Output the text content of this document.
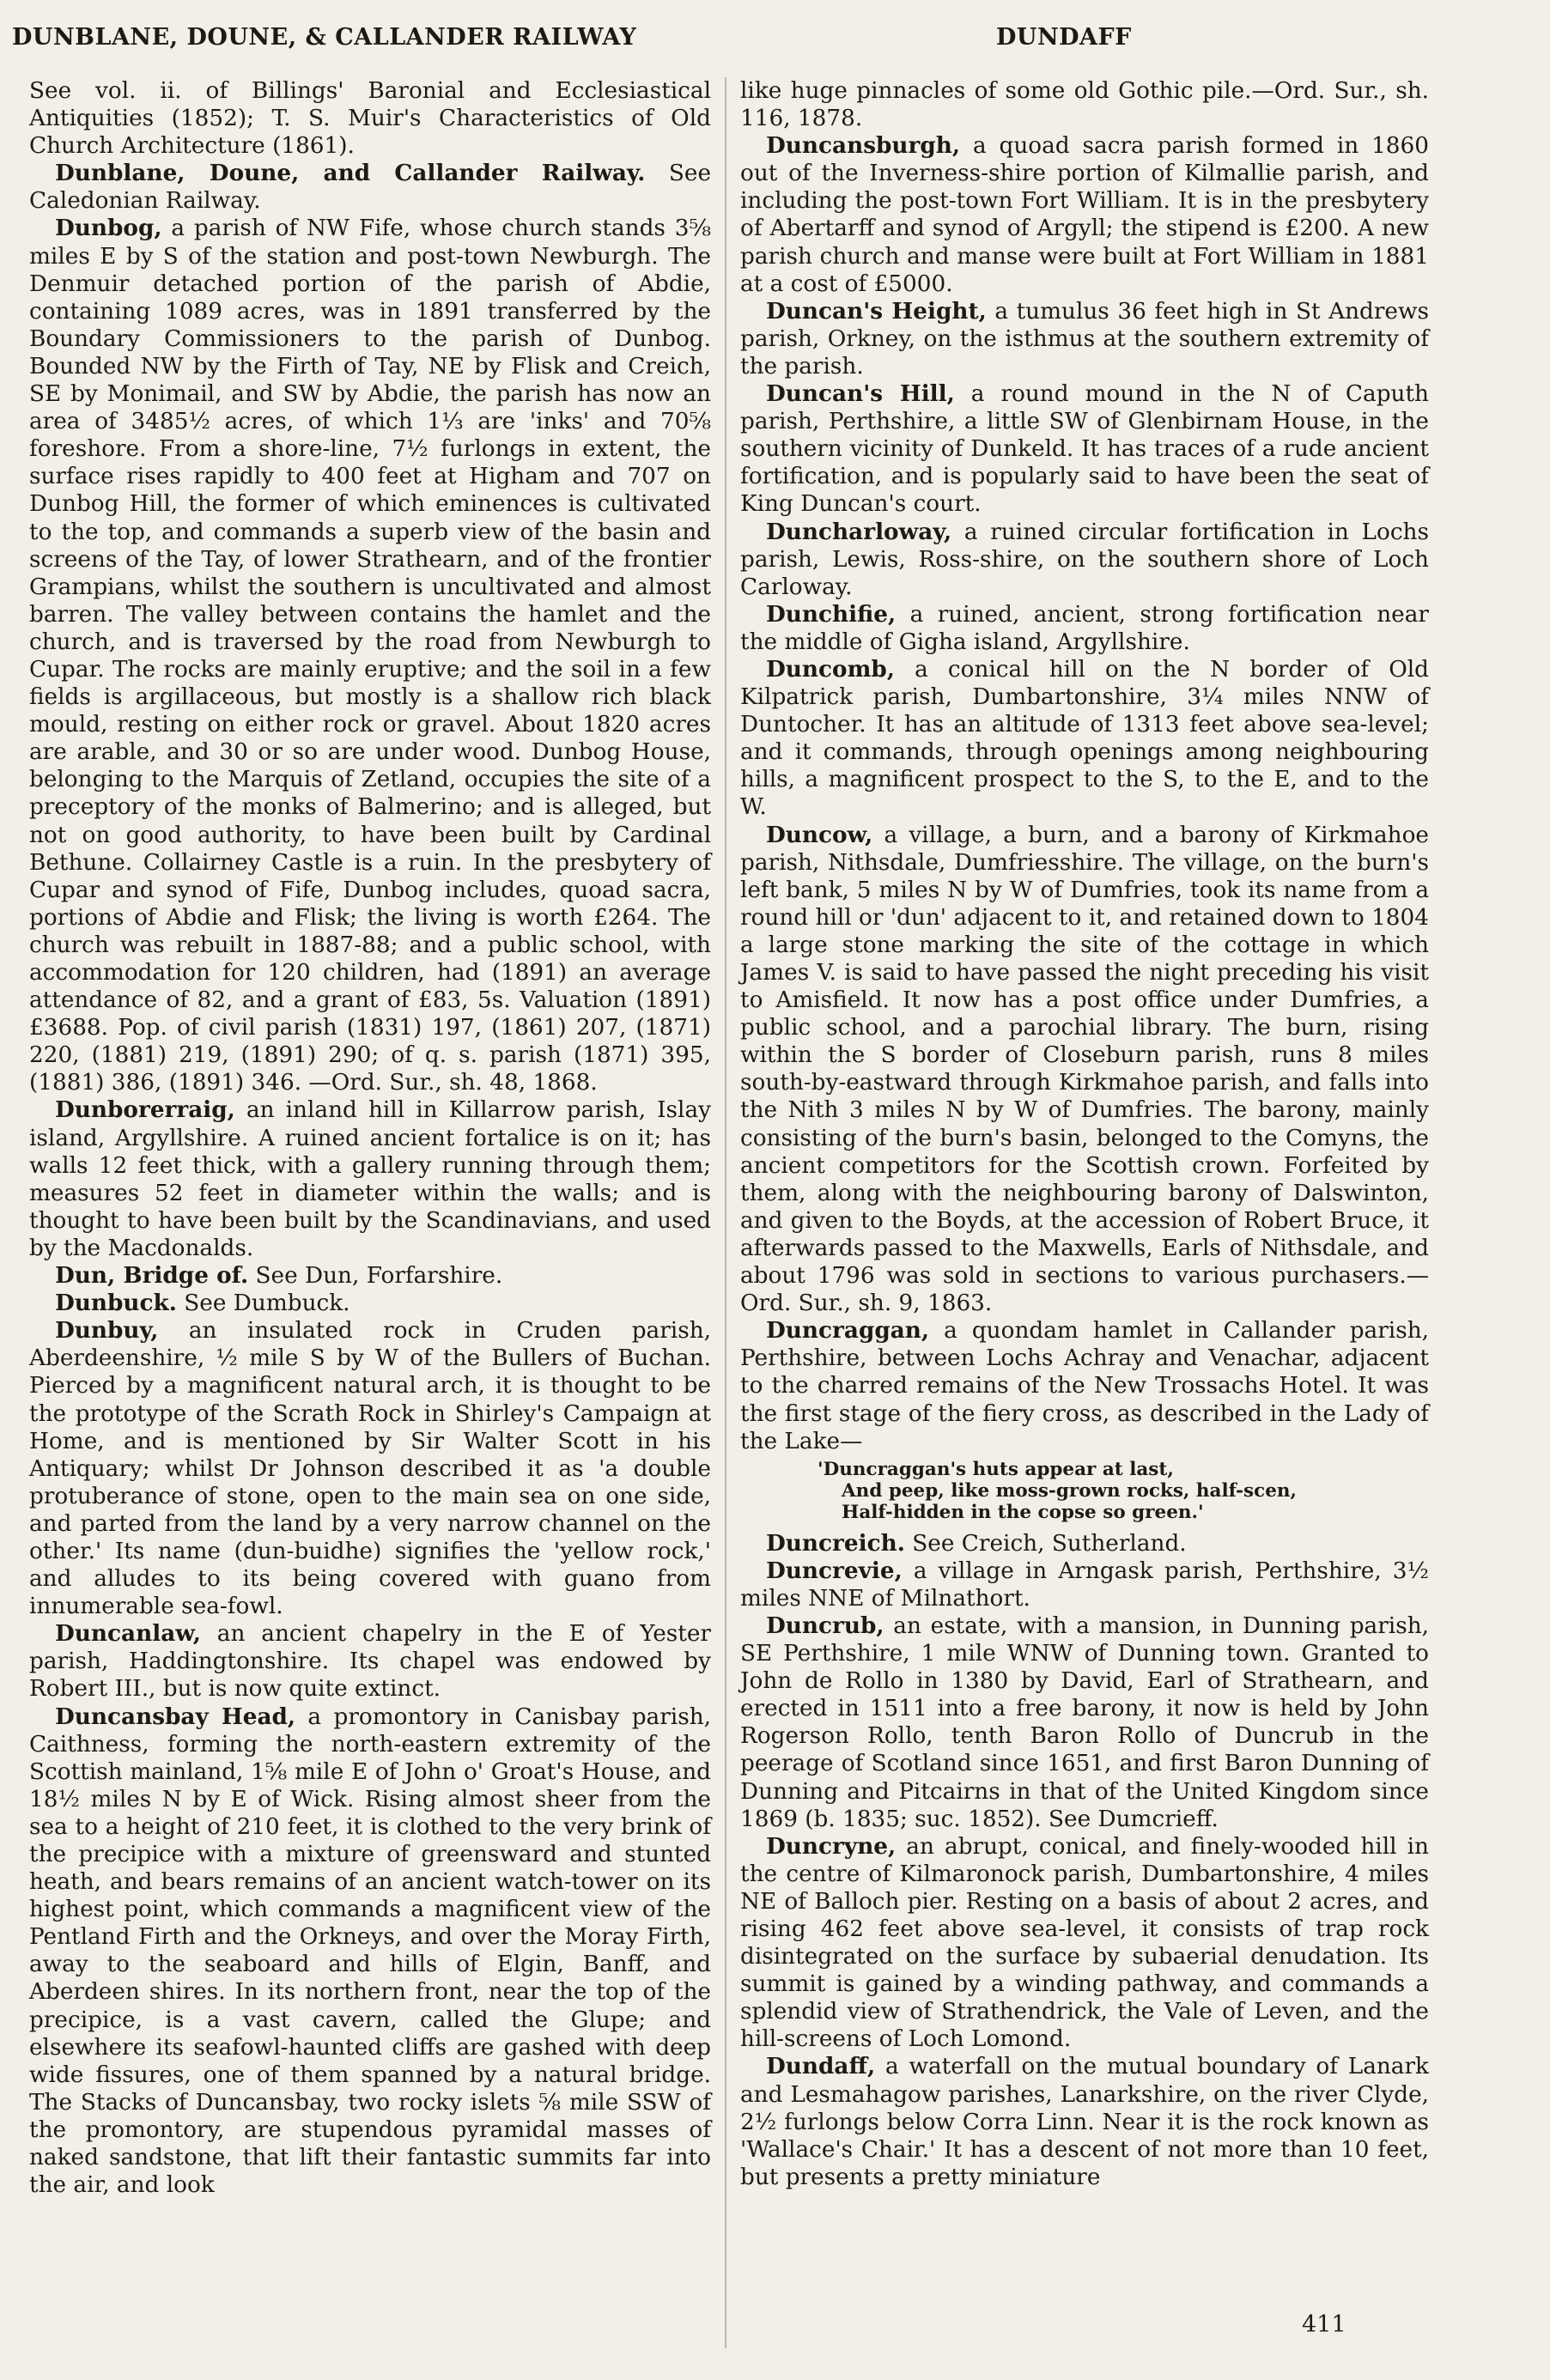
DUNBLANE, DOUNE, & CALLANDER RAILWAY	DUNDAFF

See vol. ii. of Billings' Baronial and Ecclesiastical Antiquities (1852); T. S. Muir's Characteristics of Old Church Architecture (1861).

Dunblane, Doune, and Callander Railway. See Caledonian Railway.

Dunbog, a parish of NW Fife, whose church stands 3⅝ miles E by S of the station and post-town Newburgh. The Denmuir detached portion of the parish of Abdie, containing 1089 acres, was in 1891 transferred by the Boundary Commissioners to the parish of Dunbog. Bounded NW by the Firth of Tay, NE by Flisk and Creich, SE by Monimail, and SW by Abdie, the parish has now an area of 3485½ acres, of which 1⅓ are 'inks' and 70⅝ foreshore. From a shore-line, 7½ furlongs in extent, the surface rises rapidly to 400 feet at Higham and 707 on Dunbog Hill, the former of which eminences is cultivated to the top, and commands a superb view of the basin and screens of the Tay, of lower Strathearn, and of the frontier Grampians, whilst the southern is uncultivated and almost barren. The valley between contains the hamlet and the church, and is traversed by the road from Newburgh to Cupar. The rocks are mainly eruptive; and the soil in a few fields is argillaceous, but mostly is a shallow rich black mould, resting on either rock or gravel. About 1820 acres are arable, and 30 or so are under wood. Dunbog House, belonging to the Marquis of Zetland, occupies the site of a preceptory of the monks of Balmerino; and is alleged, but not on good authority, to have been built by Cardinal Bethune. Collairney Castle is a ruin. In the presbytery of Cupar and synod of Fife, Dunbog includes, quoad sacra, portions of Abdie and Flisk; the living is worth £264. The church was rebuilt in 1887-88; and a public school, with accommodation for 120 children, had (1891) an average attendance of 82, and a grant of £83, 5s. Valuation (1891) £3688. Pop. of civil parish (1831) 197, (1861) 207, (1871) 220, (1881) 219, (1891) 290; of q. s. parish (1871) 395, (1881) 386, (1891) 346. —Ord. Sur., sh. 48, 1868.

Dunborerraig, an inland hill in Killarrow parish, Islay island, Argyllshire. A ruined ancient fortalice is on it; has walls 12 feet thick, with a gallery running through them; measures 52 feet in diameter within the walls; and is thought to have been built by the Scandinavians, and used by the Macdonalds.

Dun, Bridge of. See Dun, Forfarshire.

Dunbuck. See Dumbuck.

Dunbuy, an insulated rock in Cruden parish, Aberdeenshire, ½ mile S by W of the Bullers of Buchan. Pierced by a magnificent natural arch, it is thought to be the prototype of the Scrath Rock in Shirley's Campaign at Home, and is mentioned by Sir Walter Scott in his Antiquary; whilst Dr Johnson described it as 'a double protuberance of stone, open to the main sea on one side, and parted from the land by a very narrow channel on the other.' Its name (dun-buidhe) signifies the 'yellow rock,' and alludes to its being covered with guano from innumerable sea-fowl.

Duncanlaw, an ancient chapelry in the E of Yester parish, Haddingtonshire. Its chapel was endowed by Robert III., but is now quite extinct.

Duncansbay Head, a promontory in Canisbay parish, Caithness, forming the north-eastern extremity of the Scottish mainland, 1⅝ mile E of John o' Groat's House, and 18½ miles N by E of Wick. Rising almost sheer from the sea to a height of 210 feet, it is clothed to the very brink of the precipice with a mixture of greensward and stunted heath, and bears remains of an ancient watch-tower on its highest point, which commands a magnificent view of the Pentland Firth and the Orkneys, and over the Moray Firth, away to the seaboard and hills of Elgin, Banff, and Aberdeen shires. In its northern front, near the top of the precipice, is a vast cavern, called the Glupe; and elsewhere its seafowl-haunted cliffs are gashed with deep wide fissures, one of them spanned by a natural bridge. The Stacks of Duncansbay, two rocky islets ⅝ mile SSW of the promontory, are stupendous pyramidal masses of naked sandstone, that lift their fantastic summits far into the air, and look

like huge pinnacles of some old Gothic pile.—Ord. Sur., sh. 116, 1878.

Duncansburgh, a quoad sacra parish formed in 1860 out of the Inverness-shire portion of Kilmallie parish, and including the post-town Fort William. It is in the presbytery of Abertarff and synod of Argyll; the stipend is £200. A new parish church and manse were built at Fort William in 1881 at a cost of £5000.

Duncan's Height, a tumulus 36 feet high in St Andrews parish, Orkney, on the isthmus at the southern extremity of the parish.

Duncan's Hill, a round mound in the N of Caputh parish, Perthshire, a little SW of Glenbirnam House, in the southern vicinity of Dunkeld. It has traces of a rude ancient fortification, and is popularly said to have been the seat of King Duncan's court.

Duncharloway, a ruined circular fortification in Lochs parish, Lewis, Ross-shire, on the southern shore of Loch Carloway.

Dunchifie, a ruined, ancient, strong fortification near the middle of Gigha island, Argyllshire.

Duncomb, a conical hill on the N border of Old Kilpatrick parish, Dumbartonshire, 3¼ miles NNW of Duntocher. It has an altitude of 1313 feet above sea-level; and it commands, through openings among neighbouring hills, a magnificent prospect to the S, to the E, and to the W.

Duncow, a village, a burn, and a barony of Kirkmahoe parish, Nithsdale, Dumfriesshire. The village, on the burn's left bank, 5 miles N by W of Dumfries, took its name from a round hill or 'dun' adjacent to it, and retained down to 1804 a large stone marking the site of the cottage in which James V. is said to have passed the night preceding his visit to Amisfield. It now has a post office under Dumfries, a public school, and a parochial library. The burn, rising within the S border of Closeburn parish, runs 8 miles south-by-eastward through Kirkmahoe parish, and falls into the Nith 3 miles N by W of Dumfries. The barony, mainly consisting of the burn's basin, belonged to the Comyns, the ancient competitors for the Scottish crown. Forfeited by them, along with the neighbouring barony of Dalswinton, and given to the Boyds, at the accession of Robert Bruce, it afterwards passed to the Maxwells, Earls of Nithsdale, and about 1796 was sold in sections to various purchasers.—Ord. Sur., sh. 9, 1863.

Duncraggan, a quondam hamlet in Callander parish, Perthshire, between Lochs Achray and Venachar, adjacent to the charred remains of the New Trossachs Hotel. It was the first stage of the fiery cross, as described in the Lady of the Lake—

'Duncraggan's huts appear at last,
And peep, like moss-grown rocks, half-scen,
Half-hidden in the copse so green.'

Duncreich. See Creich, Sutherland.

Duncrevie, a village in Arngask parish, Perthshire, 3½ miles NNE of Milnathort.

Duncrub, an estate, with a mansion, in Dunning parish, SE Perthshire, 1 mile WNW of Dunning town. Granted to John de Rollo in 1380 by David, Earl of Strathearn, and erected in 1511 into a free barony, it now is held by John Rogerson Rollo, tenth Baron Rollo of Duncrub in the peerage of Scotland since 1651, and first Baron Dunning of Dunning and Pitcairns in that of the United Kingdom since 1869 (b. 1835; suc. 1852). See Dumcrieff.

Duncryne, an abrupt, conical, and finely-wooded hill in the centre of Kilmaronock parish, Dumbartonshire, 4 miles NE of Balloch pier. Resting on a basis of about 2 acres, and rising 462 feet above sea-level, it consists of trap rock disintegrated on the surface by subaerial denudation. Its summit is gained by a winding pathway, and commands a splendid view of Strathendrick, the Vale of Leven, and the hill-screens of Loch Lomond.

Dundaff, a waterfall on the mutual boundary of Lanark and Lesmahagow parishes, Lanarkshire, on the river Clyde, 2½ furlongs below Corra Linn. Near it is the rock known as 'Wallace's Chair.' It has a descent of not more than 10 feet, but presents a pretty miniature

411
